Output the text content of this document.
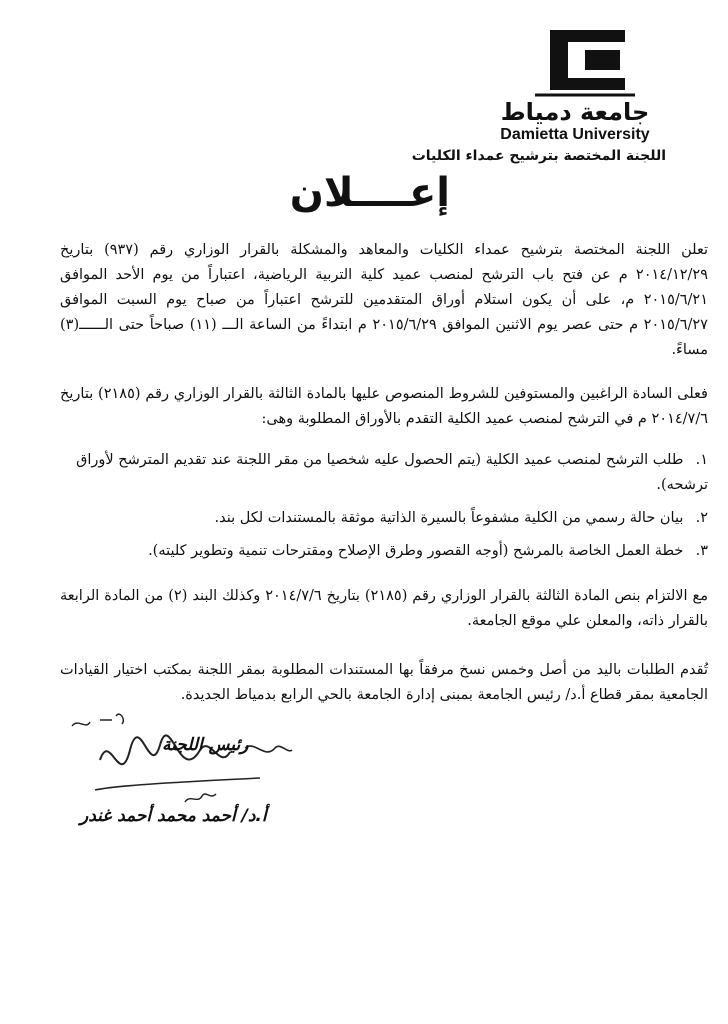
جامعة دمياط
Damietta University
اللجنة المختصة بترشيح عمداء الكليات
إعــــلان
تعلن اللجنة المختصة بترشيح عمداء الكليات والمعاهد والمشكلة بالقرار الوزاري رقم (٩٣٧) بتاريخ ٢٠١٤/١٢/٢٩ م عن فتح باب الترشح لمنصب عميد كلية التربية الرياضية، اعتباراً من يوم الأحد الموافق ٢٠١٥/٦/٢١ م، على أن يكون استلام أوراق المتقدمين للترشح اعتباراً من صباح يوم السبت الموافق ٢٠١٥/٦/٢٧ م حتى عصر يوم الاثنين الموافق ٢٠١٥/٦/٢٩ م ابتداءً من الساعة الـــ (١١) صباحاً حتى الــــــ(٣) مساءً.
فعلى السادة الراغبين والمستوفين للشروط المنصوص عليها بالمادة الثالثة بالقرار الوزاري رقم (٢١٨٥) بتاريخ ٢٠١٤/٧/٦ م في الترشح لمنصب عميد الكلية التقدم بالأوراق المطلوبة وهى:
١. طلب الترشح لمنصب عميد الكلية (يتم الحصول عليه شخصيا من مقر اللجنة عند تقديم المترشح لأوراق ترشحه).
٢. بيان حالة رسمي من الكلية مشفوعاً بالسيرة الذاتية موثقة بالمستندات لكل بند.
٣. خطة العمل الخاصة بالمرشح (أوجه القصور وطرق الإصلاح ومقترحات تنمية وتطوير كليته).
مع الالتزام بنص المادة الثالثة بالقرار الوزاري رقم (٢١٨٥) بتاريخ ٢٠١٤/٧/٦ وكذلك البند (٢) من المادة الرابعة بالقرار ذاته، والمعلن علي موقع الجامعة.
تُقدم الطلبات باليد من أصل وخمس نسخ مرفقاً بها المستندات المطلوبة بمقر اللجنة بمكتب اختيار القيادات الجامعية بمقر قطاع أ.د/ رئيس الجامعة بمبنى إدارة الجامعة بالحي الرابع بدمياط الجديدة.
رئيس اللجنة
أ.د/ أحمد محمد أحمد غندر
